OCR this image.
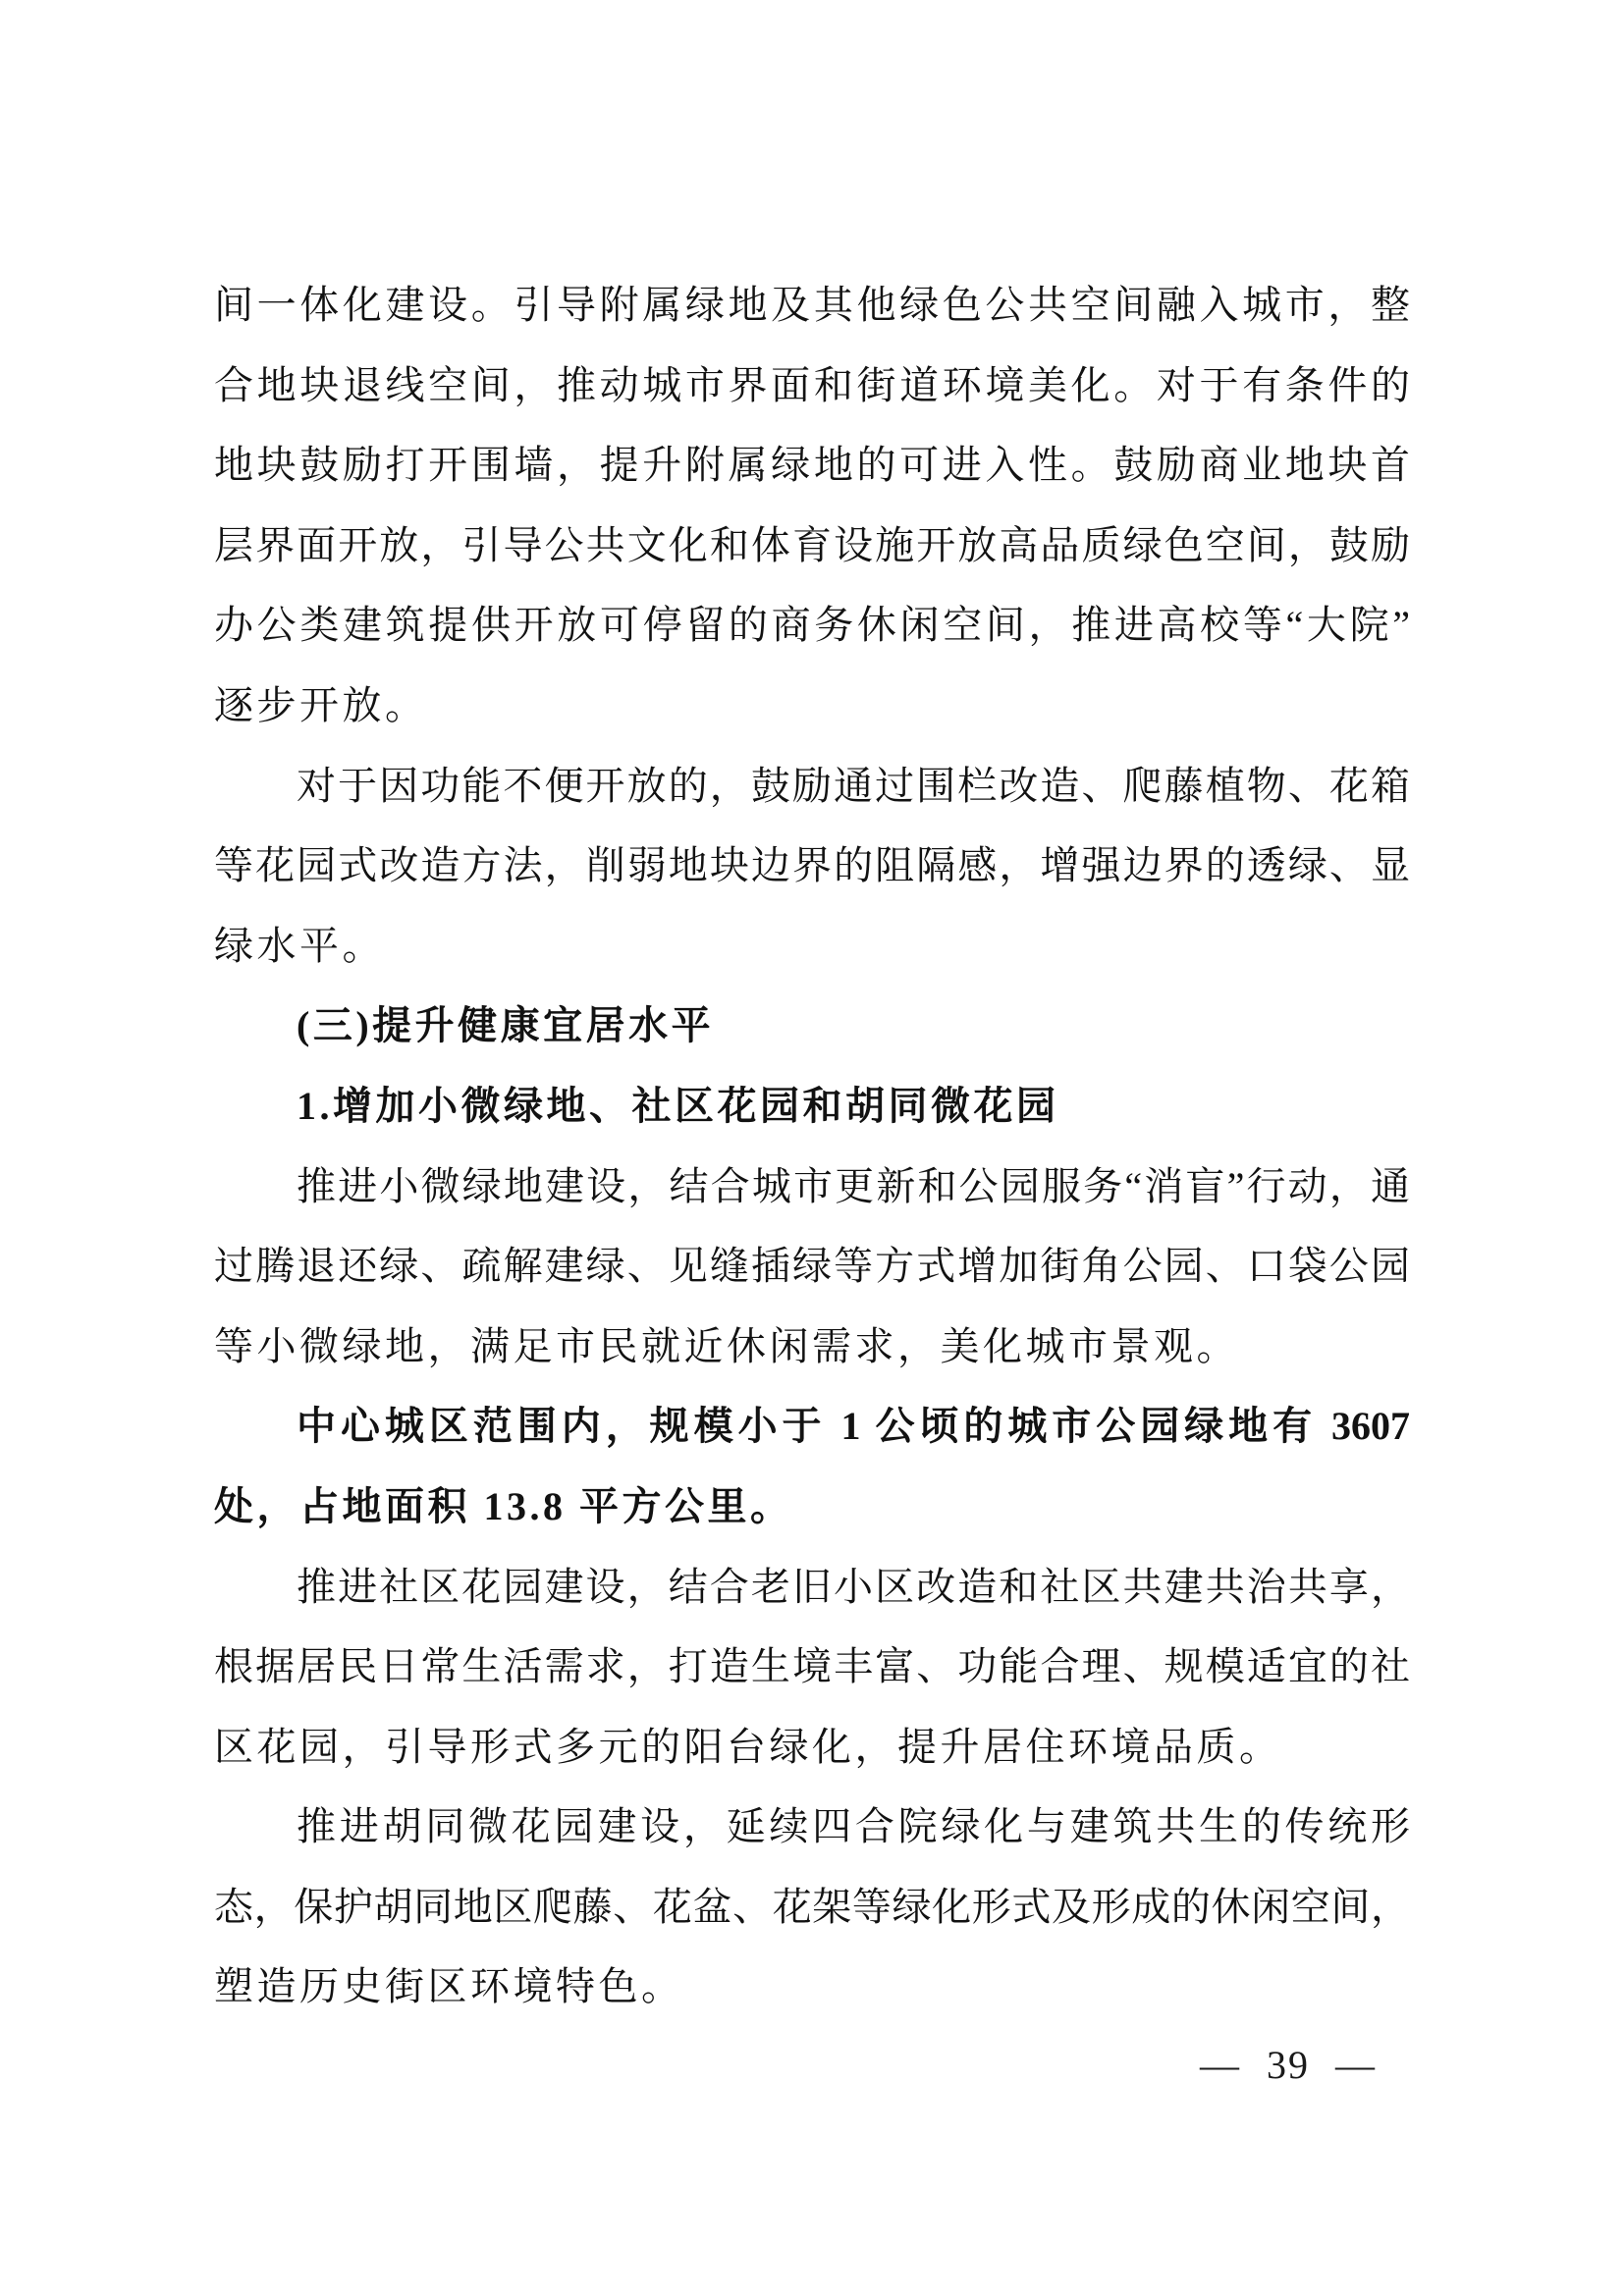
间一体化建设。引导附属绿地及其他绿色公共空间融入城市，整
合地块退线空间，推动城市界面和街道环境美化。对于有条件的
地块鼓励打开围墙，提升附属绿地的可进入性。鼓励商业地块首
层界面开放，引导公共文化和体育设施开放高品质绿色空间，鼓励
办公类建筑提供开放可停留的商务休闲空间，推进高校等“大院”
逐步开放。
对于因功能不便开放的，鼓励通过围栏改造、爬藤植物、花箱
等花园式改造方法，削弱地块边界的阻隔感，增强边界的透绿、显
绿水平。
(三)提升健康宜居水平
1.增加小微绿地、社区花园和胡同微花园
推进小微绿地建设，结合城市更新和公园服务“消盲”行动，通
过腾退还绿、疏解建绿、见缝插绿等方式增加街角公园、口袋公园
等小微绿地，满足市民就近休闲需求，美化城市景观。
中心城区范围内，规模小于 1 公顷的城市公园绿地有 3607
处，占地面积 13.8 平方公里。
推进社区花园建设，结合老旧小区改造和社区共建共治共享，
根据居民日常生活需求，打造生境丰富、功能合理、规模适宜的社
区花园，引导形式多元的阳台绿化，提升居住环境品质。
推进胡同微花园建设，延续四合院绿化与建筑共生的传统形
态，保护胡同地区爬藤、花盆、花架等绿化形式及形成的休闲空间，
塑造历史街区环境特色。
— 39 —
